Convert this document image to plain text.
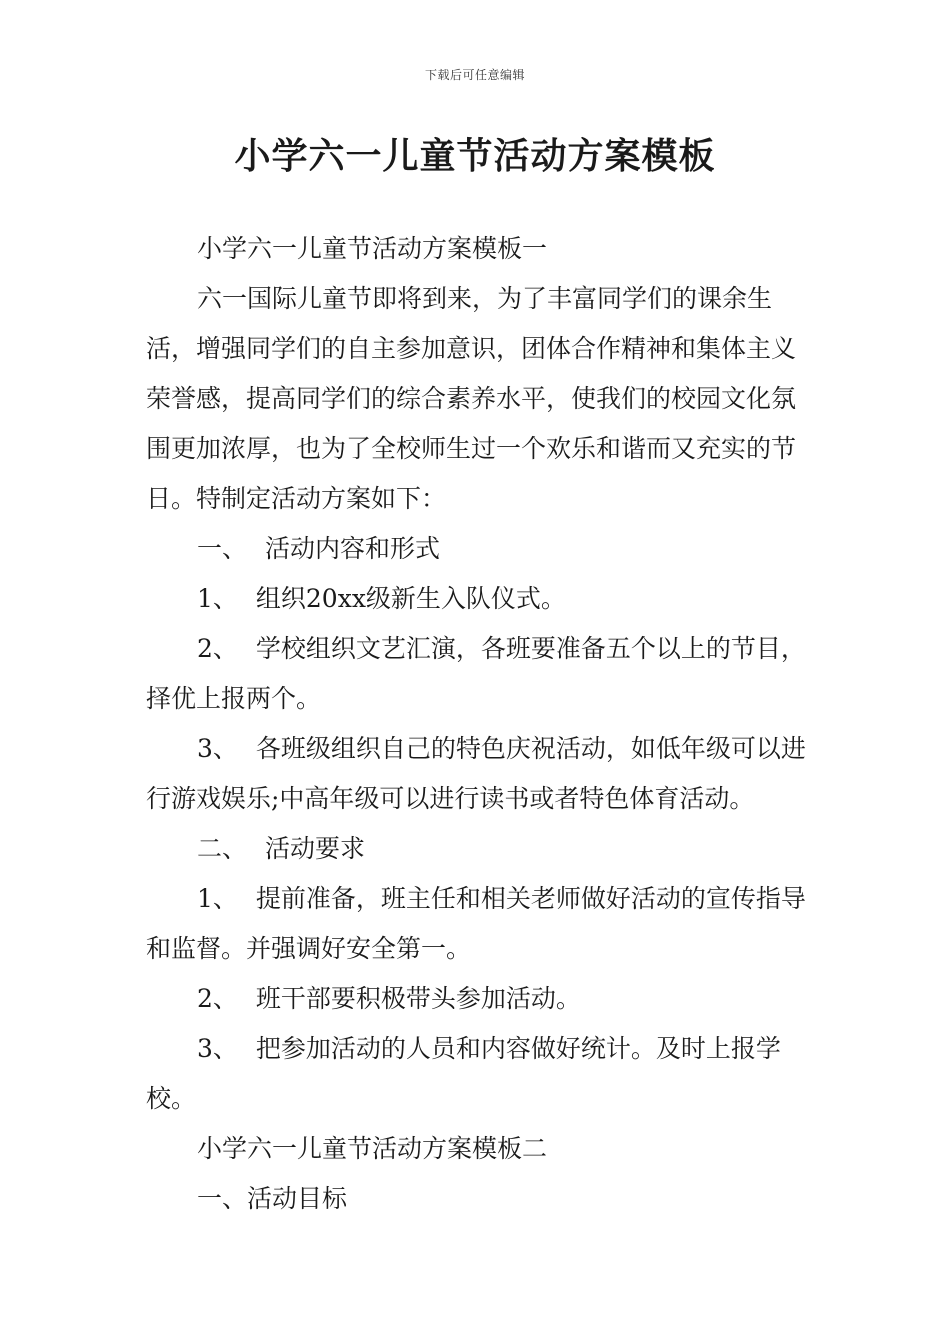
下载后可任意编辑
小学六一儿童节活动方案模板

小学六一儿童节活动方案模板一

六一国际儿童节即将到来，为了丰富同学们的课余生活，增强同学们的自主参加意识，团体合作精神和集体主义荣誉感，提高同学们的综合素养水平，使我们的校园文化氛围更加浓厚，也为了全校师生过一个欢乐和谐而又充实的节日。特制定活动方案如下：

一、 活动内容和形式

1、 组织20xx级新生入队仪式。

2、 学校组织文艺汇演，各班要准备五个以上的节目，择优上报两个。

3、 各班级组织自己的特色庆祝活动，如低年级可以进行游戏娱乐;中高年级可以进行读书或者特色体育活动。

二、 活动要求

1、 提前准备，班主任和相关老师做好活动的宣传指导和监督。并强调好安全第一。

2、 班干部要积极带头参加活动。

3、 把参加活动的人员和内容做好统计。及时上报学校。

小学六一儿童节活动方案模板二

一、活动目标
